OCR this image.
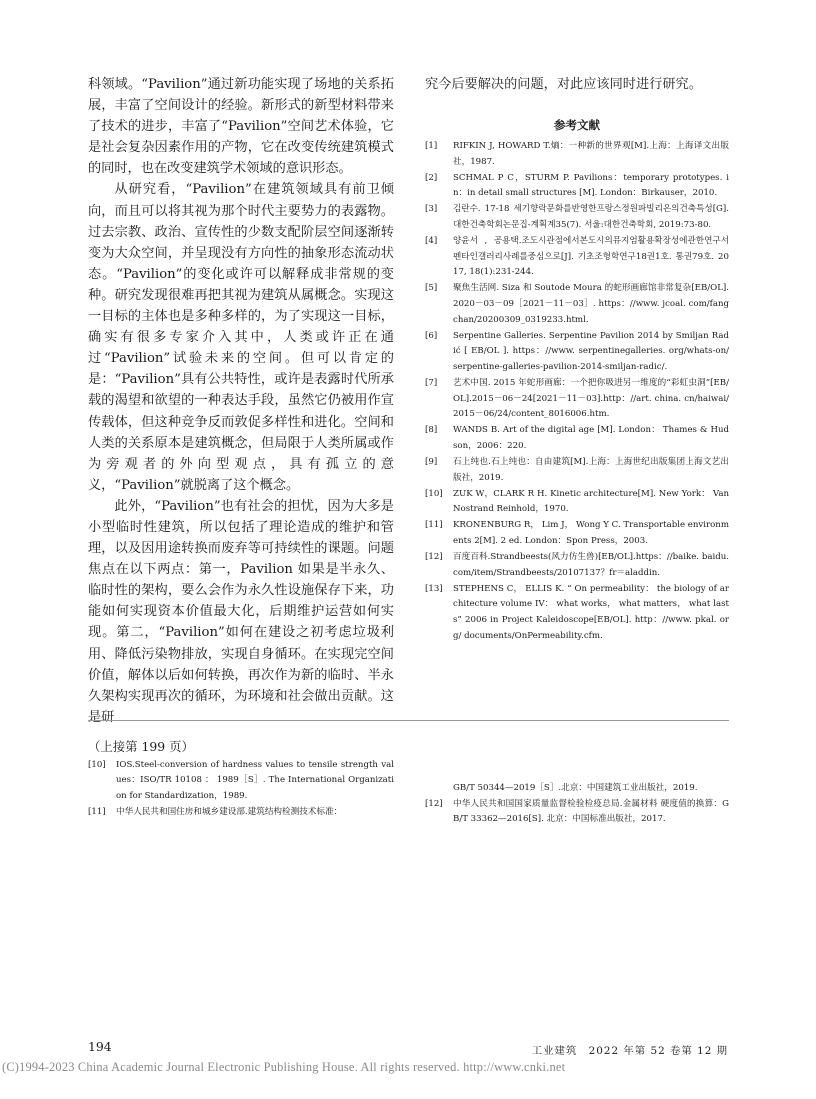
科领域。“Pavilion”通过新功能实现了场地的关系拓展，丰富了空间设计的经验。新形式的新型材料带来了技术的进步，丰富了“Pavilion”空间艺术体验，它是社会复杂因素作用的产物，它在改变传统建筑模式的同时，也在改变建筑学术领域的意识形态。

从研究看，“Pavilion”在建筑领域具有前卫倾向，而且可以将其视为那个时代主要势力的表露物。过去宗教、政治、宣传性的少数支配阶层空间逐渐转变为大众空间，并呈现没有方向性的抽象形态流动状态。“Pavilion”的变化或许可以解释成非常规的变种。研究发现很难再把其视为建筑从属概念。实现这一目标的主体也是多种多样的，为了实现这一目标，确实有很多专家介入其中，人类或许正在通过“Pavilion”试验未来的空间。但可以肯定的是：“Pavilion”具有公共特性，或许是表露时代所承载的渴望和欲望的一种表达手段，虽然它仍被用作宣传载体，但这种竞争反而敦促多样性和进化。空间和人类的关系原本是建筑概念，但局限于人类所属或作为旁观者的外向型观点，具有孤立的意义，“Pavilion”就脱离了这个概念。

此外，“Pavilion”也有社会的担忧，因为大多是小型临时性建筑，所以包括了理论造成的维护和管理，以及因用途转换而废弃等可持续性的课题。问题焦点在以下两点：第一，Pavilion 如果是半永久、临时性的架构，要么会作为永久性设施保存下来，功能如何实现资本价值最大化，后期维护运营如何实现。第二，“Pavilion”如何在建设之初考虑垃圾利用、降低污染物排放，实现自身循环。在实现完空间价值，解体以后如何转换，再次作为新的临时、半永久架构实现再次的循环，为环境和社会做出贡献。这是研

究今后要解决的问题，对此应该同时进行研究。

参考文献
[1]	RIFKIN J, HOWARD T.熵：一种新的世界观[M].上海：上海译文出版社，1987.
[2]	SCHMAL P C，STURM P. Pavilions：temporary prototypes. in：in detail small structures [M]. London：Birkauser，2010.
[3]	김란수. 17-18 세기향락문화를반영한프랑스정원파빌리온의건축특성[G]. 대한건축학회논문집-계획계35(7). 서울:대한건축학회, 2019:73-80.
[4]	양윤서 , 공용택.조도시관점에서본도시의뮤지엄활용확장성에관한연구서펜타인갤러리사례를중심으로[J]. 기초조형학연구18권1호. 통권79호. 2017, 18(1):231-244.
[5]	聚焦生活网. Siza 和 Soutode Moura 的蛇形画廊馆非常复杂[EB/OL]. 2020－03－09［2021－11－03］. https：//www. jcoal. com/fangchan/20200309_0319233.html.
[6]	Serpentine Galleries. Serpentine Pavilion 2014 by Smiljan Radić [ EB/OL ]. https：//www. serpentinegalleries. org/whats-on/ serpentine-galleries-pavilion-2014-smiljan-radic/.
[7]	艺术中国. 2015 年蛇形画廊：一个把你吸进另一维度的“彩虹虫洞”[EB/OL].2015－06－24[2021－11－03].http：//art. china. cn/haiwai/2015－06/24/content_8016006.htm.
[8]	WANDS B. Art of the digital age [M]. London： Thames & Hudson，2006：220.
[9]	石上纯也.石上纯也：自由建筑[M].上海：上海世纪出版集团上海文艺出版社，2019.
[10]	ZUK W，CLARK R H. Kinetic architecture[M]. New York： Van Nostrand Reinhold，1970.
[11]	KRONENBURG R， Lim J， Wong Y C. Transportable environments 2[M]. 2 ed. London：Spon Press，2003.
[12]	百度百科.Strandbeests(风力仿生兽)[EB/OL].https：//baike. baidu.com/item/Strandbeests/20107137？fr＝aladdin.
[13]	STEPHENS C， ELLIS K. “ On permeability： the biology of architecture volume IV： what works， what matters， what lasts” 2006 in Project Kaleidoscope[EB/OL]. http：//www. pkal. org/ documents/OnPermeability.cfm.
（上接第 199 页）
[10]	IOS.Steel-conversion of hardness values to tensile strength values：ISO/TR 10108 ： 1989［S］. The International Organization for Standardization，1989.
[11]	中华人民共和国住房和城乡建设部.建筑结构检测技术标准：
GB/T 50344—2019［S］.北京：中国建筑工业出版社，2019.
[12]	中华人民共和国国家质量监督检验检疫总局.金属材料 硬度值的换算：GB/T 33362—2016[S]. 北京：中国标准出版社，2017.
194	工业建筑　2022 年第 52 卷第 12 期
(C)1994-2023 China Academic Journal Electronic Publishing House. All rights reserved. http://www.cnki.net
